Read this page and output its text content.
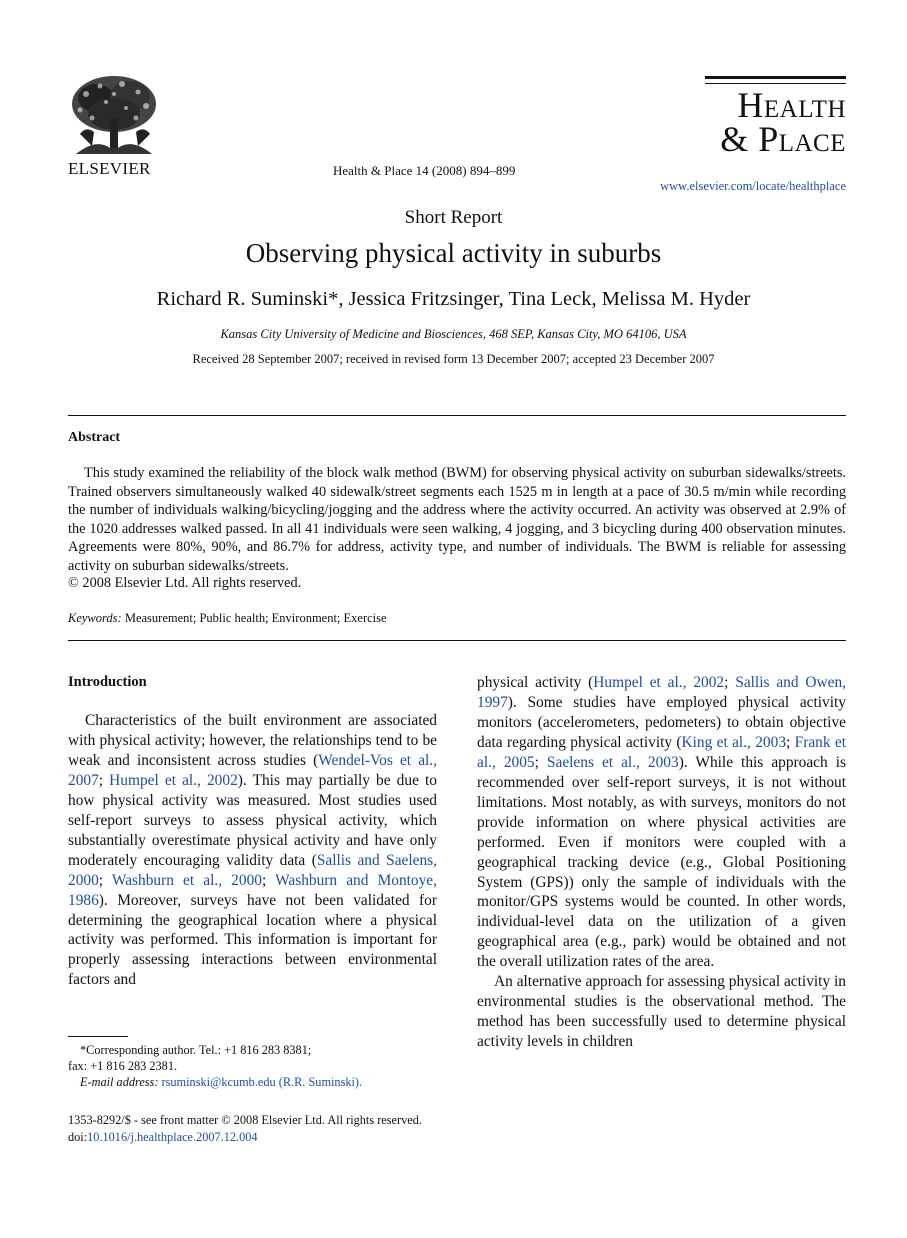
ELSEVIER	Health & Place 14 (2008) 894–899
Health
& Place
www.elsevier.com/locate/healthplace
Short Report
Observing physical activity in suburbs
Richard R. Suminski*, Jessica Fritzsinger, Tina Leck, Melissa M. Hyder
Kansas City University of Medicine and Biosciences, 468 SEP, Kansas City, MO 64106, USA
Received 28 September 2007; received in revised form 13 December 2007; accepted 23 December 2007
Abstract

This study examined the reliability of the block walk method (BWM) for observing physical activity on suburban sidewalks/streets. Trained observers simultaneously walked 40 sidewalk/street segments each 1525 m in length at a pace of 30.5 m/min while recording the number of individuals walking/bicycling/jogging and the address where the activity occurred. An activity was observed at 2.9% of the 1020 addresses walked passed. In all 41 individuals were seen walking, 4 jogging, and 3 bicycling during 400 observation minutes. Agreements were 80%, 90%, and 86.7% for address, activity type, and number of individuals. The BWM is reliable for assessing activity on suburban sidewalks/streets.

© 2008 Elsevier Ltd. All rights reserved.
Keywords: Measurement; Public health; Environment; Exercise
Introduction

Characteristics of the built environment are associated with physical activity; however, the relationships tend to be weak and inconsistent across studies (Wendel-Vos et al., 2007; Humpel et al., 2002). This may partially be due to how physical activity was measured. Most studies used self-report surveys to assess physical activity, which substantially overestimate physical activity and have only moderately encouraging validity data (Sallis and Saelens, 2000; Washburn et al., 2000; Washburn and Montoye, 1986). Moreover, surveys have not been validated for determining the geographical location where a physical activity was performed. This information is important for properly assessing interactions between environmental factors and

physical activity (Humpel et al., 2002; Sallis and Owen, 1997). Some studies have employed physical activity monitors (accelerometers, pedometers) to obtain objective data regarding physical activity (King et al., 2003; Frank et al., 2005; Saelens et al., 2003). While this approach is recommended over self-report surveys, it is not without limitations. Most notably, as with surveys, monitors do not provide information on where physical activities are performed. Even if monitors were coupled with a geographical tracking device (e.g., Global Positioning System (GPS)) only the sample of individuals with the monitor/GPS systems would be counted. In other words, individual-level data on the utilization of a given geographical area (e.g., park) would be obtained and not the overall utilization rates of the area.

An alternative approach for assessing physical activity in environmental studies is the observational method. The method has been successfully used to determine physical activity levels in children

*Corresponding author. Tel.: +1 816 283 8381;
fax: +1 816 283 2381.
E-mail address: rsuminski@kcumb.edu (R.R. Suminski).
1353-8292/$ - see front matter © 2008 Elsevier Ltd. All rights reserved.
doi:10.1016/j.healthplace.2007.12.004
